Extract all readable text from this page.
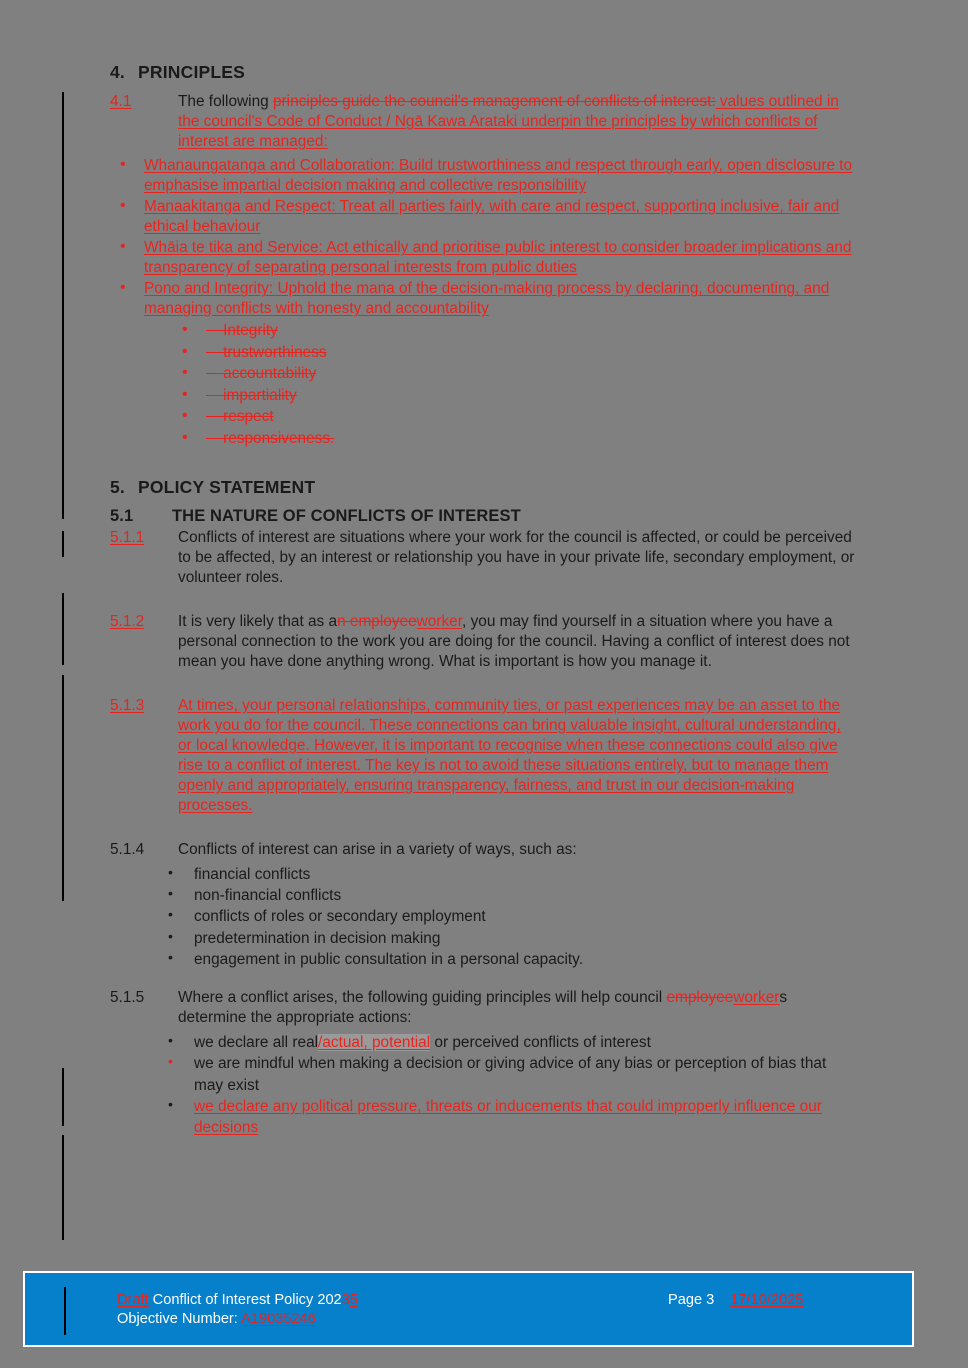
4. PRINCIPLES
4.1	The following principles guide the council's management of conflicts of interest: values outlined in the council's Code of Conduct / Ngā Kawa Arataki underpin the principles by which conflicts of interest are managed:
• Whanaungatanga and Collaboration: Build trustworthiness and respect through early, open disclosure to emphasise impartial decision making and collective responsibility
• Manaakitanga and Respect: Treat all parties fairly, with care and respect, supporting inclusive, fair and ethical behaviour
• Whāia te tika and Service: Act ethically and prioritise public interest to consider broader implications and transparency of separating personal interests from public duties
• Pono and Integrity: Uphold the mana of the decision-making process by declaring, documenting, and managing conflicts with honesty and accountability
• Integrity
• trustworthiness
• accountability
• impartiality
• respect
• responsiveness.
5. POLICY STATEMENT
5.1	THE NATURE OF CONFLICTS OF INTEREST
5.1.1	Conflicts of interest are situations where your work for the council is affected, or could be perceived to be affected, by an interest or relationship you have in your private life, secondary employment, or volunteer roles.
5.1.2	It is very likely that as an employeeworker, you may find yourself in a situation where you have a personal connection to the work you are doing for the council. Having a conflict of interest does not mean you have done anything wrong. What is important is how you manage it.
5.1.3	At times, your personal relationships, community ties, or past experiences may be an asset to the work you do for the council. These connections can bring valuable insight, cultural understanding, or local knowledge. However, it is important to recognise when these connections could also give rise to a conflict of interest. The key is not to avoid these situations entirely, but to manage them openly and appropriately, ensuring transparency, fairness, and trust in our decision-making processes.
5.1.4	Conflicts of interest can arise in a variety of ways, such as:
• financial conflicts
• non-financial conflicts
• conflicts of roles or secondary employment
• predetermination in decision making
• engagement in public consultation in a personal capacity.
5.1.5	Where a conflict arises, the following guiding principles will help council employeeworkers determine the appropriate actions:
• we declare all real/actual, potential or perceived conflicts of interest
• we are mindful when making a decision or giving advice of any bias or perception of bias that may exist
• we declare any political pressure, threats or inducements that could improperly influence our decisions
Draft Conflict of Interest Policy 20235
Objective Number: A19035246
Page 3 17/10/2025
